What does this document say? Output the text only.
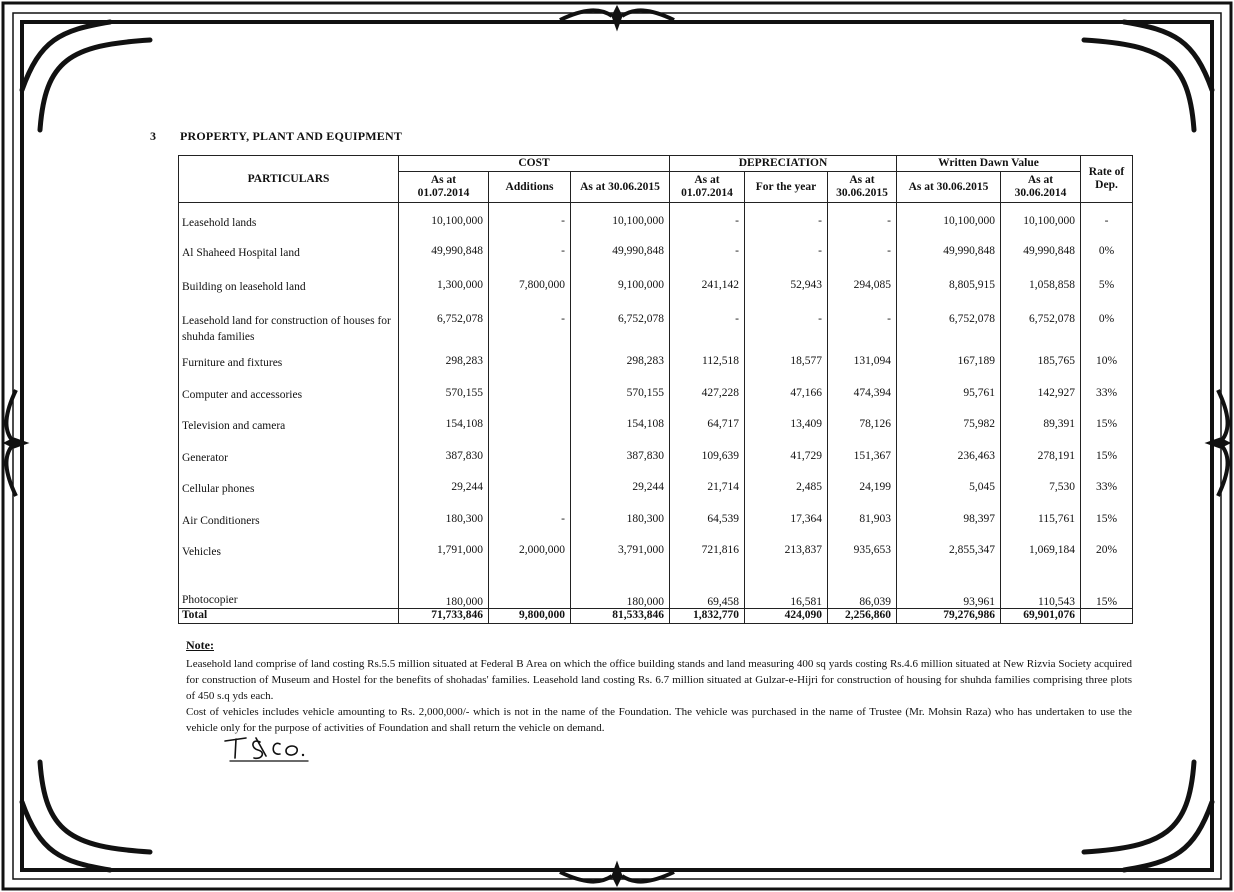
3 PROPERTY, PLANT AND EQUIPMENT
PARTICULARS	COST			DEPRECIATION			Written Dawn Value		Rate of Dep.
	As at 01.07.2014	Additions	As at 30.06.2015	As at 01.07.2014	For the year	As at 30.06.2015	As at 30.06.2015	As at 30.06.2014	

Leasehold lands	10,100,000	-	10,100,000	-	-	-	10,100,000	10,100,000	-
Al Shaheed Hospital land	49,990,848	-	49,990,848	-	-	-	49,990,848	49,990,848	0%
Building on leasehold land	1,300,000	7,800,000	9,100,000	241,142	52,943	294,085	8,805,915	1,058,858	5%
Leasehold land for construction of houses for shuhda families	6,752,078	-	6,752,078	-	-	-	6,752,078	6,752,078	0%
Furniture and fixtures	298,283		298,283	112,518	18,577	131,094	167,189	185,765	10%
Computer and accessories	570,155		570,155	427,228	47,166	474,394	95,761	142,927	33%
Television and camera	154,108		154,108	64,717	13,409	78,126	75,982	89,391	15%
Generator	387,830		387,830	109,639	41,729	151,367	236,463	278,191	15%
Cellular phones	29,244		29,244	21,714	2,485	24,199	5,045	7,530	33%
Air Conditioners	180,300	-	180,300	64,539	17,364	81,903	98,397	115,761	15%
Vehicles	1,791,000	2,000,000	3,791,000	721,816	213,837	935,653	2,855,347	1,069,184	20%
Photocopier	180,000		180,000	69,458	16,581	86,039	93,961	110,543	15%
Total	71,733,846	9,800,000	81,533,846	1,832,770	424,090	2,256,860	79,276,986	69,901,076	
Note:

Leasehold land comprise of land costing Rs.5.5 million situated at Federal B Area on which the office building stands and land measuring 400 sq yards costing Rs.4.6 million situated at New Rizvia Society acquired for construction of Museum and Hostel for the benefits of shohadas' families. Leasehold land costing Rs. 6.7 million situated at Gulzar-e-Hijri for construction of housing for shuhda families comprising three plots of 450 s.q yds each.

Cost of vehicles includes vehicle amounting to Rs. 2,000,000/- which is not in the name of the Foundation. The vehicle was purchased in the name of Trustee (Mr. Mohsin Raza) who has undertaken to use the vehicle only for the purpose of activities of Foundation and shall return the vehicle on demand.
